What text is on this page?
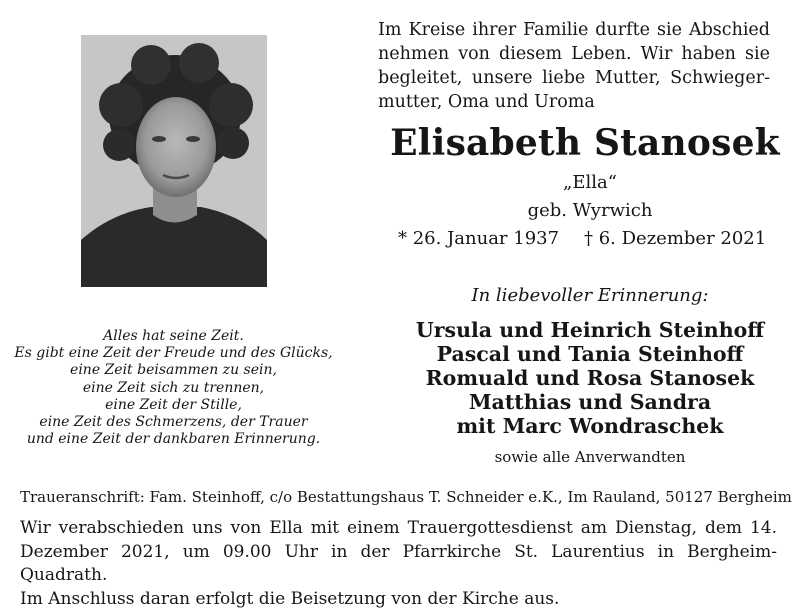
Im Kreise ihrer Familie durfte sie Abschied
nehmen von diesem Leben. Wir haben sie
begleitet, unsere liebe Mutter, Schwieger-
mutter, Oma und Uroma
Elisabeth Stanosek
„Ella“
geb. Wyrwich
* 26. Januar 1937 † 6. Dezember 2021
In liebevoller Erinnerung:
Ursula und Heinrich Steinhoff
Pascal und Tania Steinhoff
Romuald und Rosa Stanosek
Matthias und Sandra
mit Marc Wondraschek
sowie alle Anverwandten
Alles hat seine Zeit.
Es gibt eine Zeit der Freude und des Glücks,
eine Zeit beisammen zu sein,
eine Zeit sich zu trennen,
eine Zeit der Stille,
eine Zeit des Schmerzens, der Trauer
und eine Zeit der dankbaren Erinnerung.
Traueranschrift: Fam. Steinhoff, c/o Bestattungshaus T. Schneider e.K., Im Rauland, 50127 Bergheim
Wir verabschieden uns von Ella mit einem Trauergottesdienst am Dienstag, dem 14.
Dezember 2021, um 09.00 Uhr in der Pfarrkirche St. Laurentius in Bergheim-Quadrath.
Im Anschluss daran erfolgt die Beisetzung von der Kirche aus.
